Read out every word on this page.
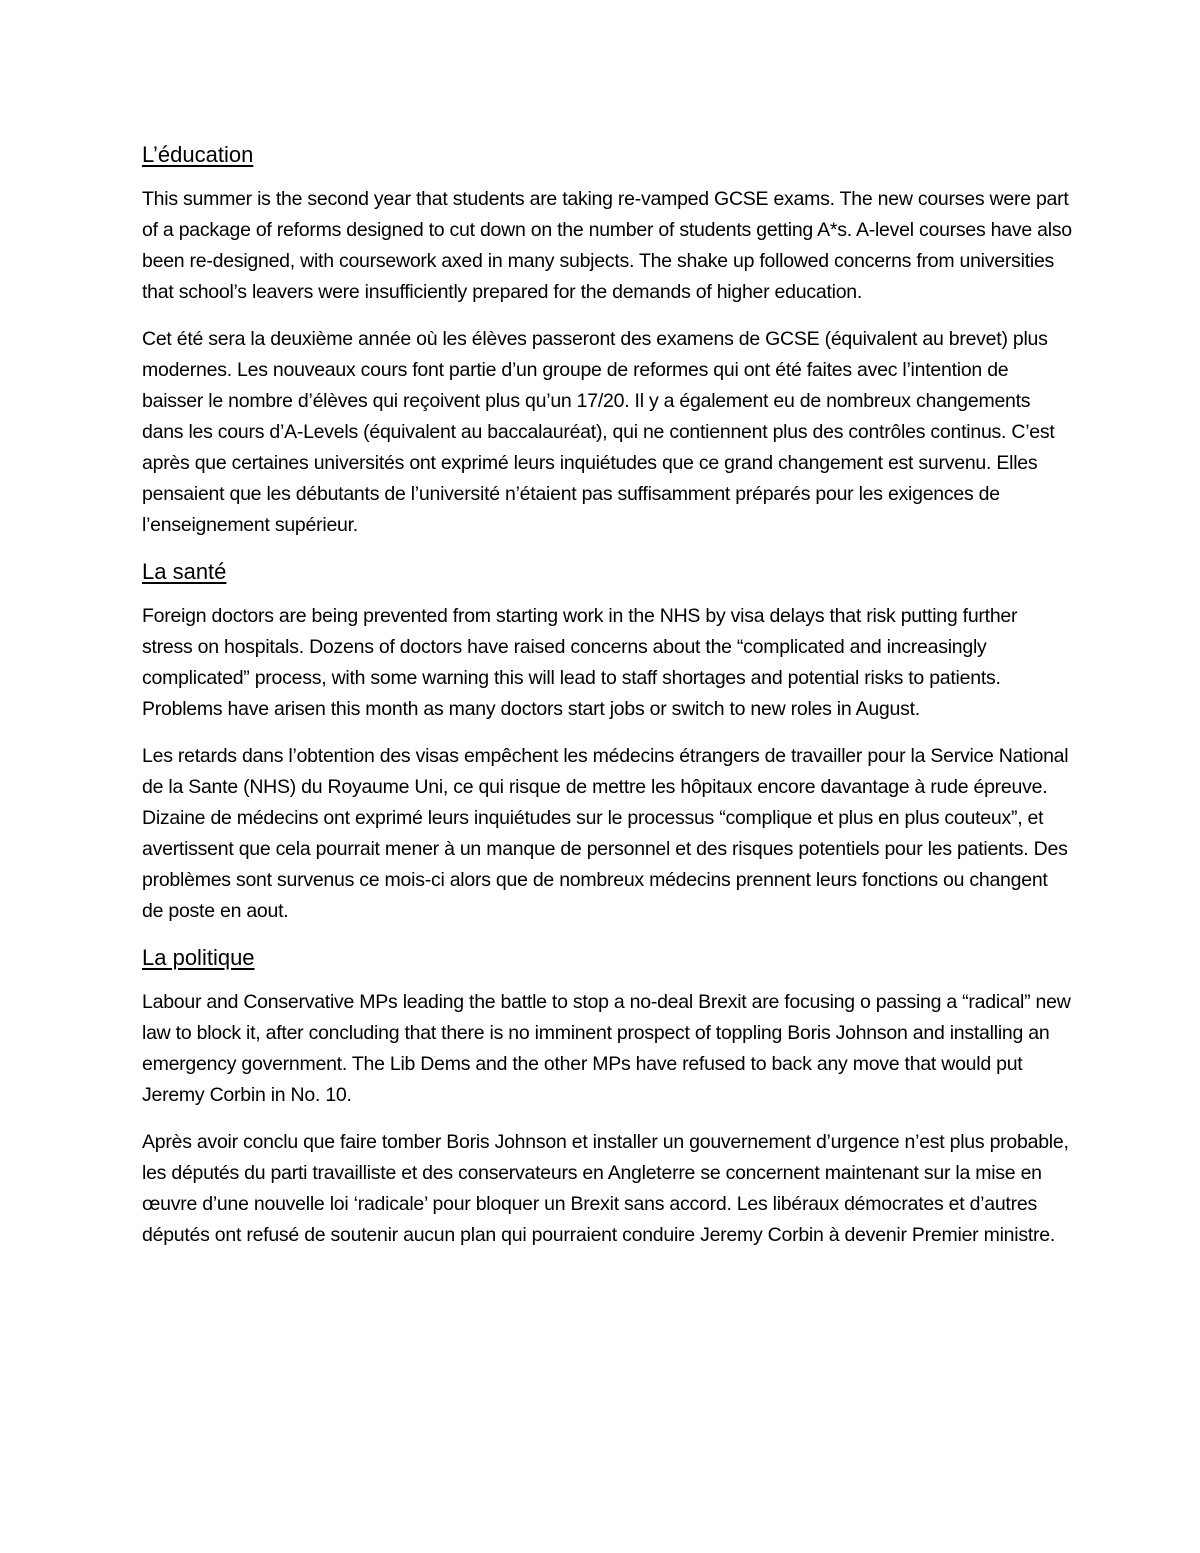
L’éducation

This summer is the second year that students are taking re-vamped GCSE exams. The new courses were part of a package of reforms designed to cut down on the number of students getting A*s. A-level courses have also been re-designed, with coursework axed in many subjects. The shake up followed concerns from universities that school’s leavers were insufficiently prepared for the demands of higher education.

Cet été sera la deuxième année où les élèves passeront des examens de GCSE (équivalent au brevet) plus modernes. Les nouveaux cours font partie d’un groupe de reformes qui ont été faites avec l’intention de baisser le nombre d’élèves qui reçoivent plus qu’un 17/20. Il y a également eu de nombreux changements dans les cours d’A-Levels (équivalent au baccalauréat), qui ne contiennent plus des contrôles continus. C’est après que certaines universités ont exprimé leurs inquiétudes que ce grand changement est survenu. Elles pensaient que les débutants de l’université n’étaient pas suffisamment préparés pour les exigences de l’enseignement supérieur.

La santé

Foreign doctors are being prevented from starting work in the NHS by visa delays that risk putting further stress on hospitals. Dozens of doctors have raised concerns about the “complicated and increasingly complicated” process, with some warning this will lead to staff shortages and potential risks to patients. Problems have arisen this month as many doctors start jobs or switch to new roles in August.

Les retards dans l’obtention des visas empêchent les médecins étrangers de travailler pour la Service National de la Sante (NHS) du Royaume Uni, ce qui risque de mettre les hôpitaux encore davantage à rude épreuve. Dizaine de médecins ont exprimé leurs inquiétudes sur le processus “complique et plus en plus couteux”, et avertissent que cela pourrait mener à un manque de personnel et des risques potentiels pour les patients. Des problèmes sont survenus ce mois-ci alors que de nombreux médecins prennent leurs fonctions ou changent de poste en aout.

La politique

Labour and Conservative MPs leading the battle to stop a no-deal Brexit are focusing o passing a “radical” new law to block it, after concluding that there is no imminent prospect of toppling Boris Johnson and installing an emergency government. The Lib Dems and the other MPs have refused to back any move that would put Jeremy Corbin in No. 10.

Après avoir conclu que faire tomber Boris Johnson et installer un gouvernement d’urgence n’est plus probable, les députés du parti travailliste et des conservateurs en Angleterre se concernent maintenant sur la mise en œuvre d’une nouvelle loi ‘radicale’ pour bloquer un Brexit sans accord. Les libéraux démocrates et d’autres députés ont refusé de soutenir aucun plan qui pourraient conduire Jeremy Corbin à devenir Premier ministre.
